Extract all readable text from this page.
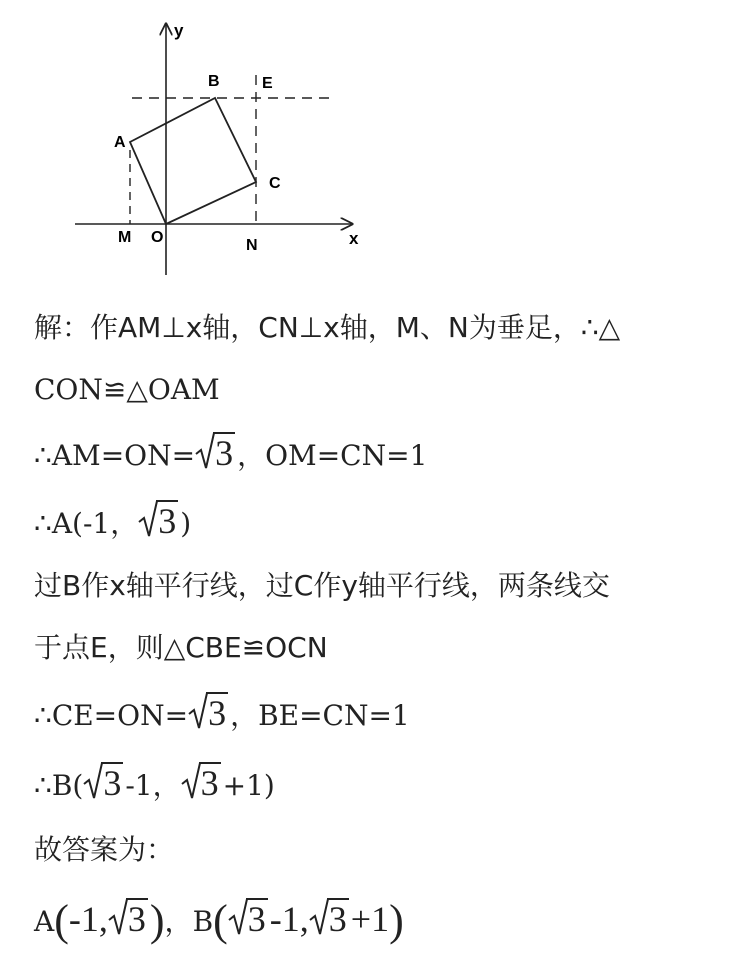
y
x
A
B	E
C
M O	N
解：作AM⊥x轴，CN⊥x轴，M、N为垂足，∴△
CON≌△OAM
∴AM=ON= 3 ，OM=CN=1
∴A(-1， 3 )
过B作x轴平行线，过C作y轴平行线，两条线交
于点E，则△CBE≌OCN
∴CE=ON= 3 ，BE=CN=1
∴B( 3 -1， 3 +1)
故答案为：
A(-1, 3)，B( 3 -1, 3 +1)
